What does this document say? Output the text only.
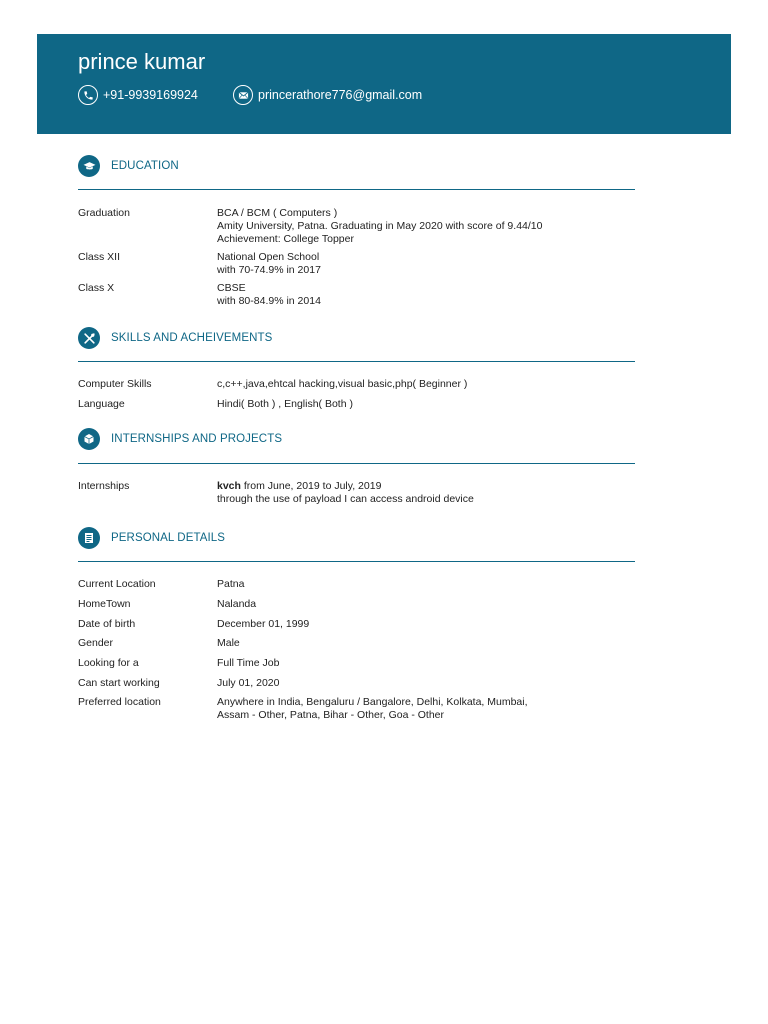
prince kumar
+91-9939169924	princerathore776@gmail.com
EDUCATION
Graduation	BCA / BCM ( Computers )
Amity University, Patna. Graduating in May 2020 with score of 9.44/10
Achievement: College Topper
Class XII	National Open School
with 70-74.9% in 2017
Class X	CBSE
with 80-84.9% in 2014
SKILLS AND ACHEIVEMENTS
Computer Skills	c,c++,java,ehtcal hacking,visual basic,php( Beginner )
Language	Hindi( Both ) , English( Both )
INTERNSHIPS AND PROJECTS
Internships	kvch from June, 2019 to July, 2019
through the use of payload I can access android device
PERSONAL DETAILS
Current Location	Patna
HomeTown	Nalanda
Date of birth	December 01, 1999
Gender	Male
Looking for a	Full Time Job
Can start working	July 01, 2020
Preferred location	Anywhere in India, Bengaluru / Bangalore, Delhi, Kolkata, Mumbai,
Assam - Other, Patna, Bihar - Other, Goa - Other
